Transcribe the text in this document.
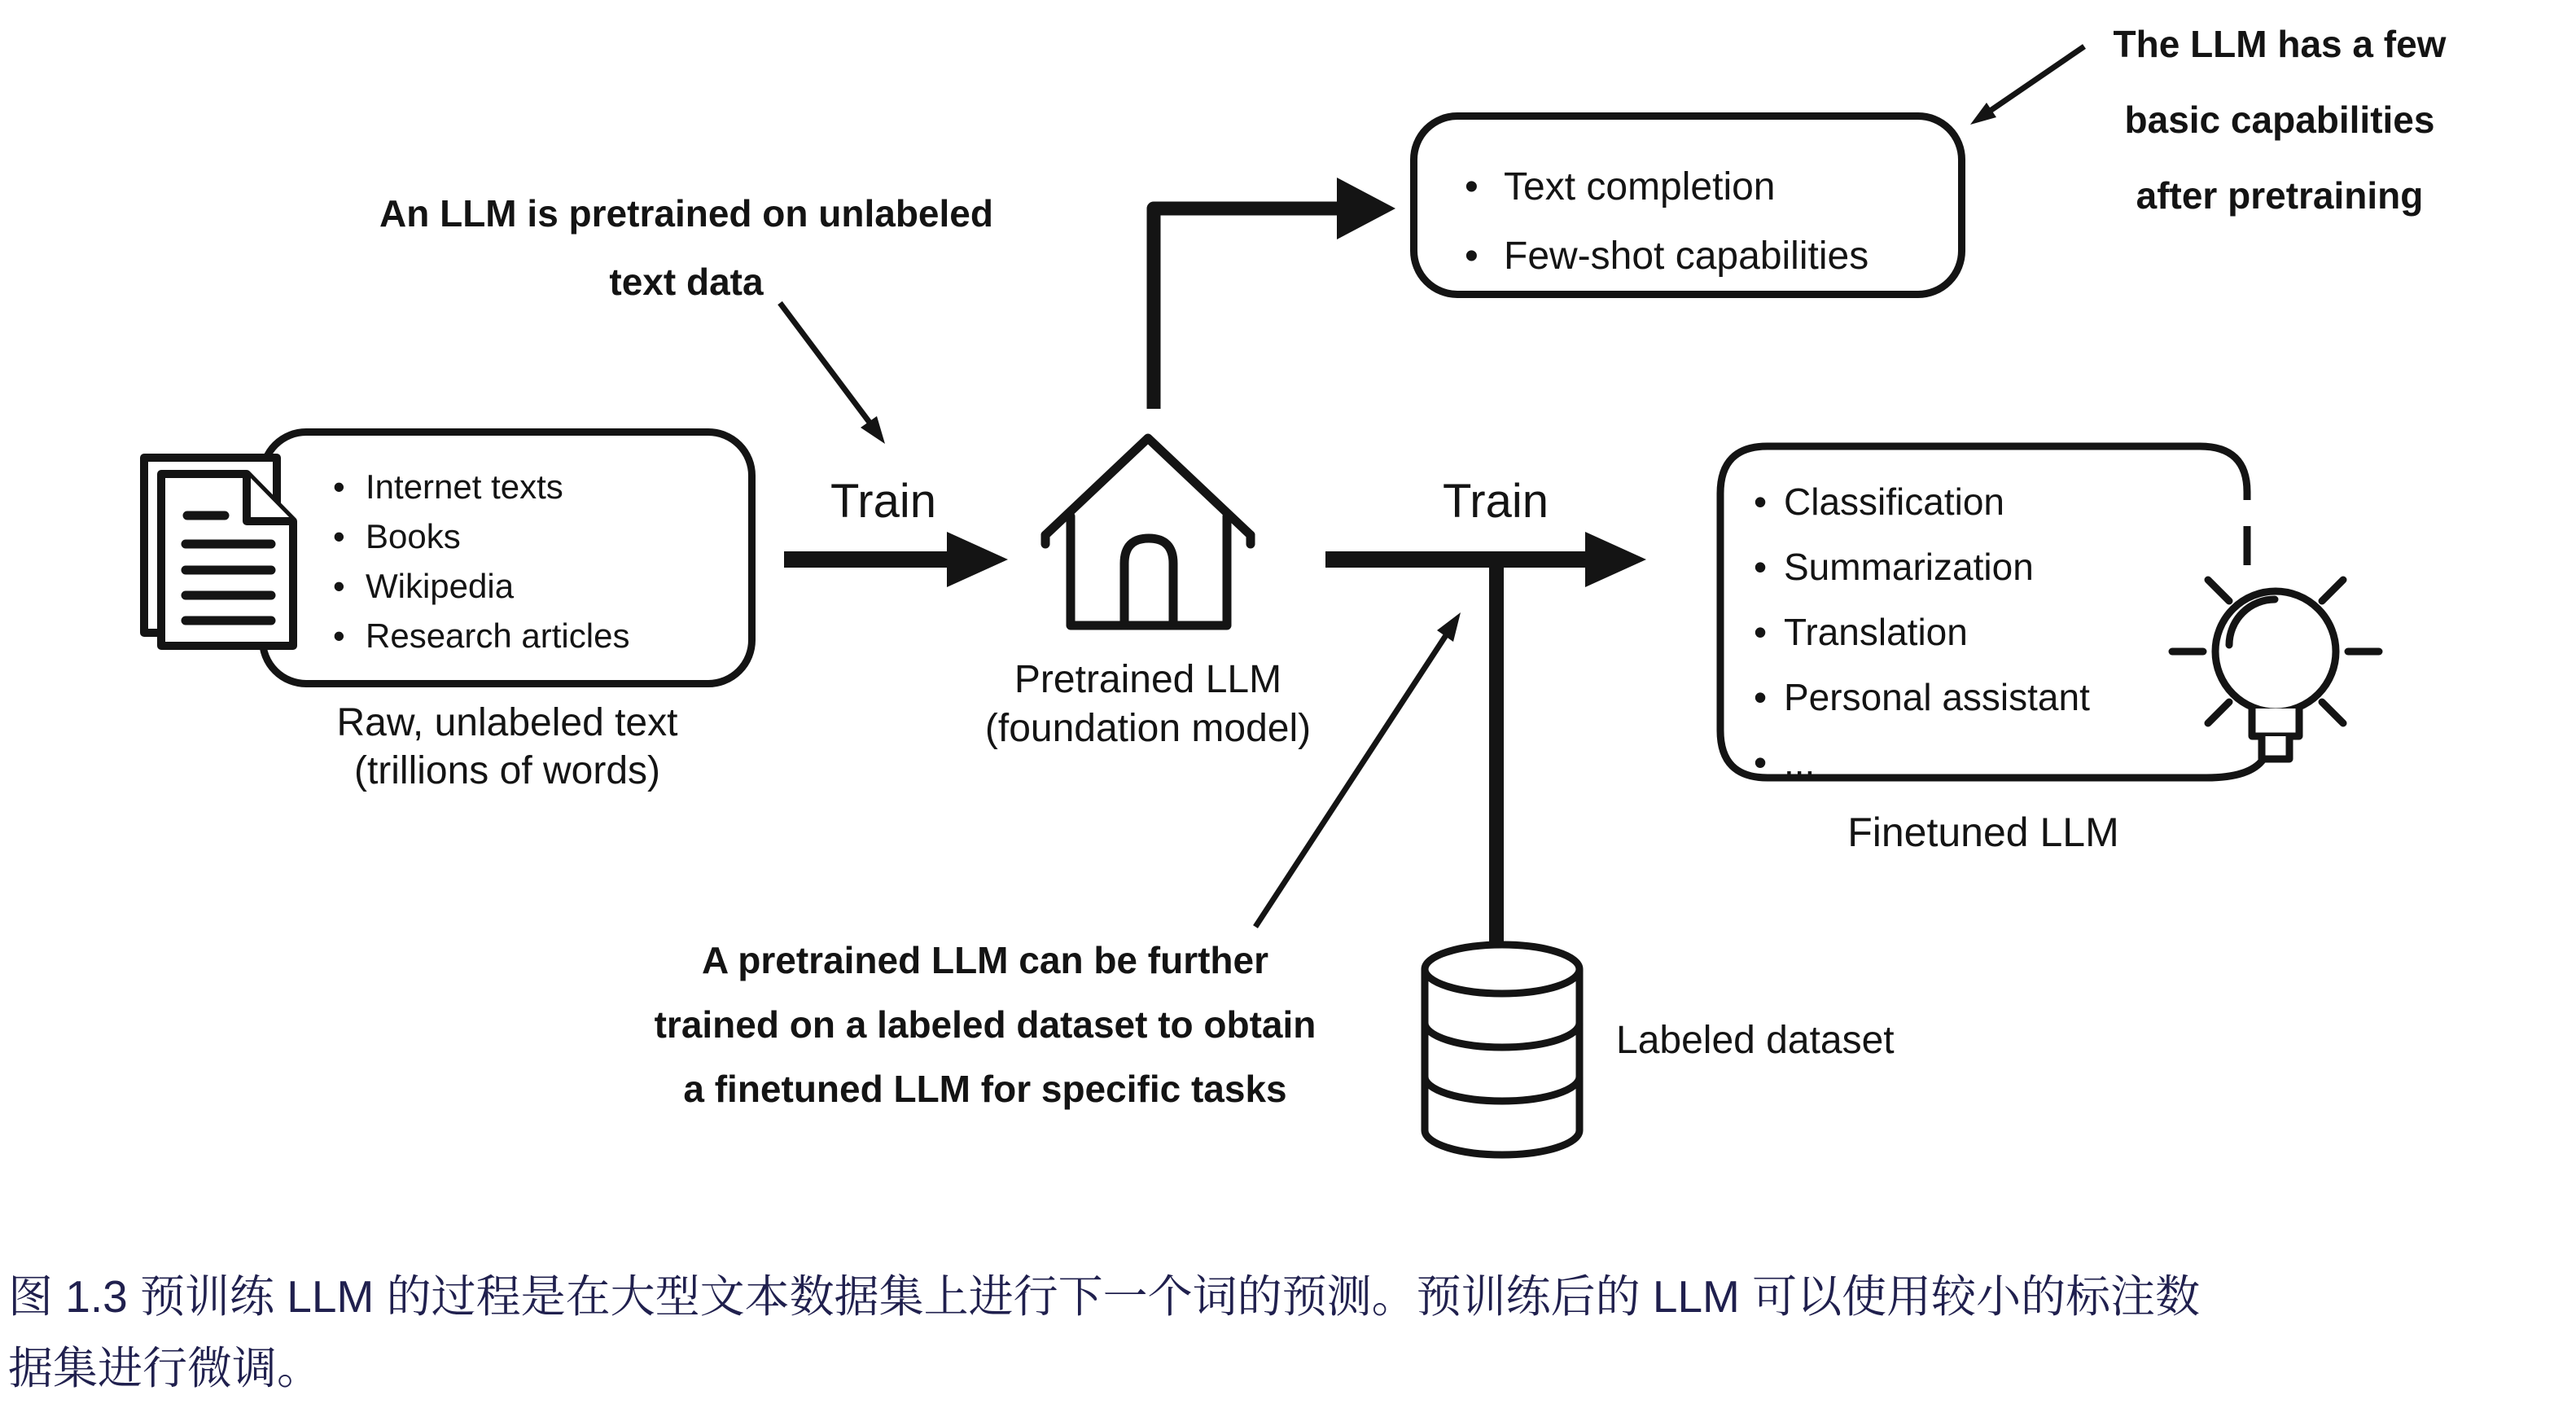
The LLM has a few
basic capabilities
after pretraining
An LLM is pretrained on unlabeled
text data
A pretrained LLM can be further
trained on a labeled dataset to obtain
a finetuned LLM for specific tasks
• Text completion
• Few-shot capabilities
• Internet texts
• Books
• Wikipedia
• Research articles
Raw, unlabeled text
(trillions of words)
• Classification
• Summarization
• Translation
• Personal assistant
• ...
Finetuned LLM
Pretrained LLM
(foundation model)
Train	Train
Labeled dataset
图 1.3 预训练 LLM 的过程是在大型文本数据集上进行下一个词的预测。预训练后的 LLM 可以使用较小的标注数
据集进行微调。
